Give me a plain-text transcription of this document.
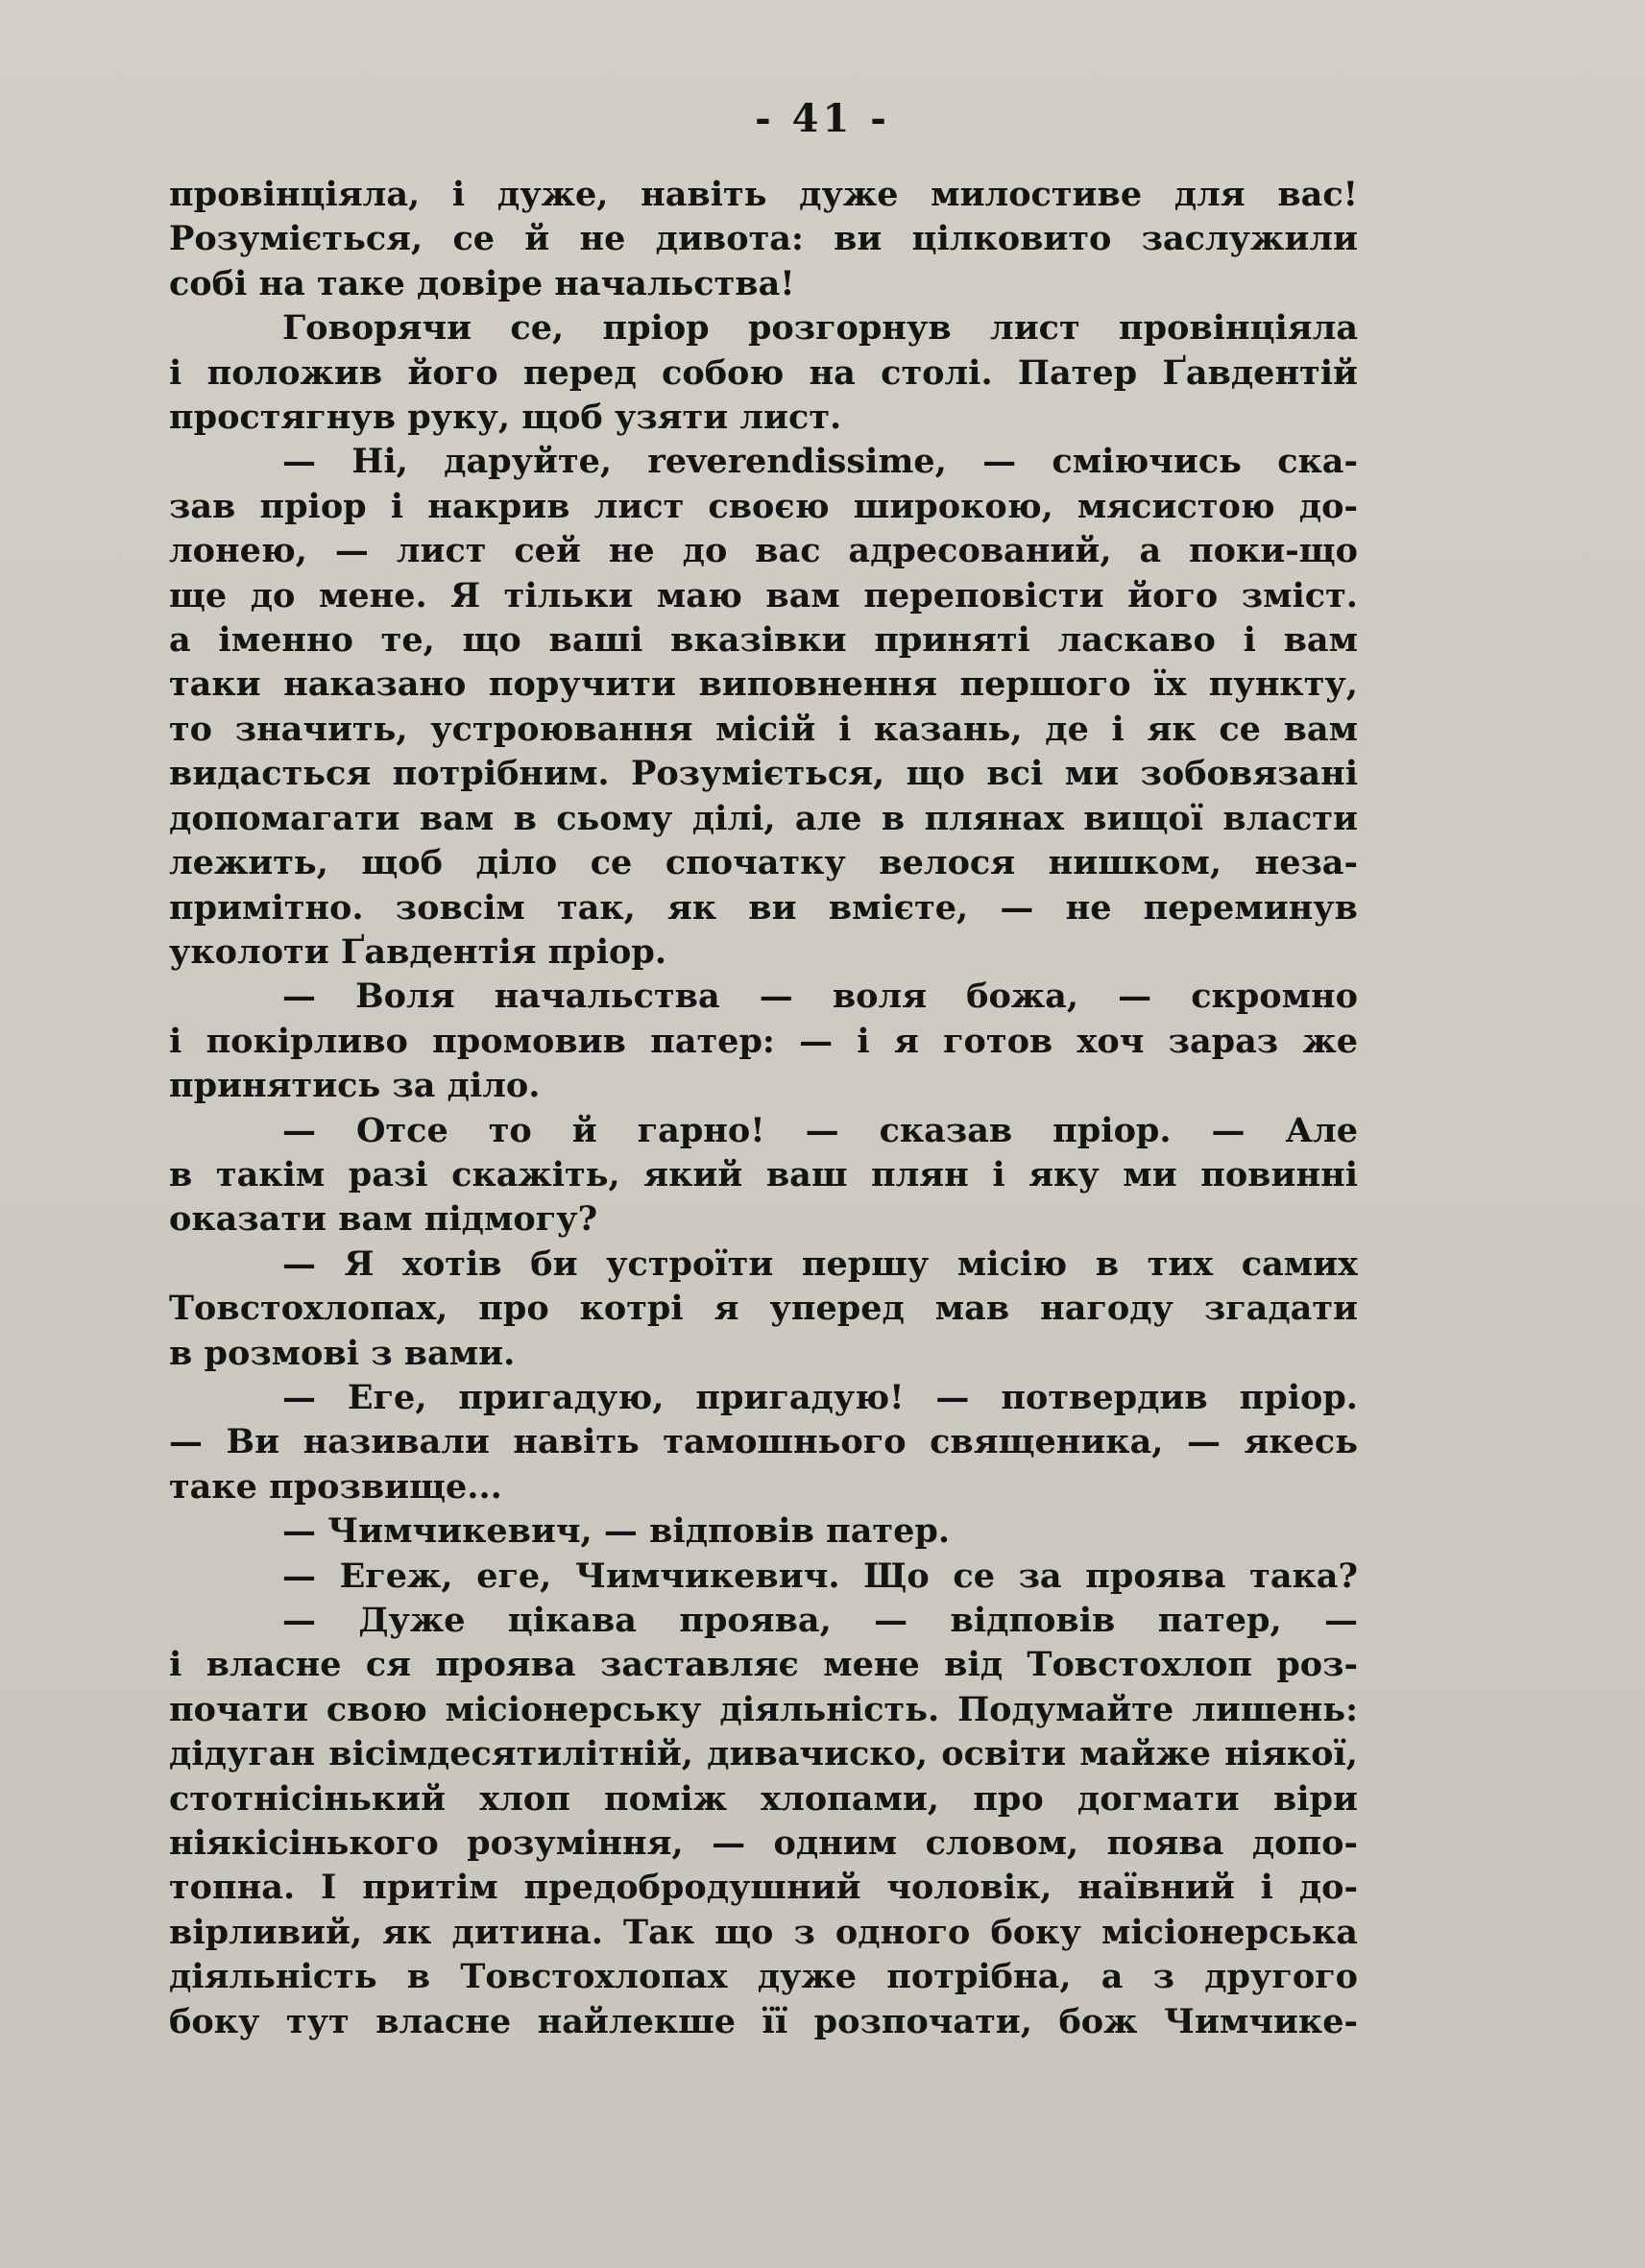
- 41 -
провінціяла, і дуже, навіть дуже милостиве для вас!
Розуміється, се й не дивота: ви цілковито заслужили
собі на таке довіре начальства!
Говорячи се, пріор розгорнув лист провінціяла
і положив його перед собою на столі. Патер Ґавдентій
простягнув руку, щоб узяти лист.
— Ні, даруйте, reverendissime, — сміючись ска-
зав пріор і накрив лист своєю широкою, мясистою до-
лонею, — лист сей не до вас адресований, а поки-що
ще до мене. Я тільки маю вам переповісти його зміст.
а іменно те, що ваші вказівки приняті ласкаво і вам
таки наказано поручити виповнення першого їх пункту,
то значить, устроювання місій і казань, де і як се вам
видасться потрібним. Розуміється, що всі ми зобовязані
допомагати вам в сьому ділі, але в плянах вищої власти
лежить, щоб діло се спочатку велося нишком, неза-
примітно. зовсім так, як ви вмієте, — не переминув
уколоти Ґавдентія пріор.
— Воля начальства — воля божа, — скромно
і покірливо промовив патер: — і я готов хоч зараз же
принятись за діло.
— Отсе то й гарно! — сказав пріор. — Але
в такім разі скажіть, який ваш плян і яку ми повинні
оказати вам підмогу?
— Я хотів би устроїти першу місію в тих самих
Товстохлопах, про котрі я уперед мав нагоду згадати
в розмові з вами.
— Еге, пригадую, пригадую! — потвердив пріор.
— Ви називали навіть тамошнього священика, — якесь
таке прозвище...
— Чимчикевич, — відповів патер.
— Егеж, еге, Чимчикевич. Що се за проява така?
— Дуже цікава проява, — відповів патер, —
і власне ся проява заставляє мене від Товстохлоп роз-
почати свою місіонерську діяльність. Подумайте лишень:
дідуган вісімдесятилітній, дивачиско, освіти майже ніякої,
стотнісінький хлоп поміж хлопами, про догмати віри
ніякісінького розуміння, — одним словом, поява допо-
топна. І притім предобродушний чоловік, наївний і до-
вірливий, як дитина. Так що з одного боку місіонерська
діяльність в Товстохлопах дуже потрібна, а з другого
боку тут власне найлекше її розпочати, бож Чимчике-
